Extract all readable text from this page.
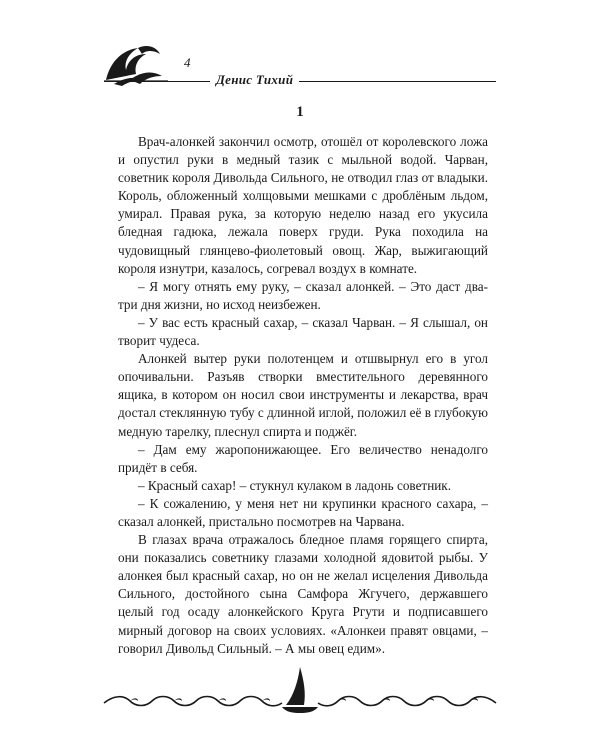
4
Денис Тихий
1

Врач-алонкей закончил осмотр, отошёл от королевского ложа и опустил руки в медный тазик с мыльной водой. Чарван, советник короля Дивольда Сильного, не отводил глаз от владыки. Король, обложенный холщовыми мешками с дроблёным льдом, умирал. Правая рука, за которую неделю назад его укусила бледная гадюка, лежала поверх груди. Рука походила на чудовищный глянцево-фиолетовый овощ. Жар, выжигающий короля изнутри, казалось, согревал воздух в комнате.

– Я могу отнять ему руку, – сказал алонкей. – Это даст два-три дня жизни, но исход неизбежен.

– У вас есть красный сахар, – сказал Чарван. – Я слышал, он творит чудеса.

Алонкей вытер руки полотенцем и отшвырнул его в угол опочивальни. Разъяв створки вместительного деревянного ящика, в котором он носил свои инструменты и лекарства, врач достал стеклянную тубу с длинной иглой, положил её в глубокую медную тарелку, плеснул спирта и поджёг.

– Дам ему жаропонижающее. Его величество ненадолго придёт в себя.

– Красный сахар! – стукнул кулаком в ладонь советник.

– К сожалению, у меня нет ни крупинки красного сахара, – сказал алонкей, пристально посмотрев на Чарвана.

В глазах врача отражалось бледное пламя горящего спирта, они показались советнику глазами холодной ядовитой рыбы. У алонкея был красный сахар, но он не желал исцеления Дивольда Сильного, достойного сына Самфора Жгучего, державшего целый год осаду алонкейского Круга Ргути и подписавшего мирный договор на своих условиях. «Алонкеи правят овцами, – говорил Дивольд Сильный. – А мы овец едим».
